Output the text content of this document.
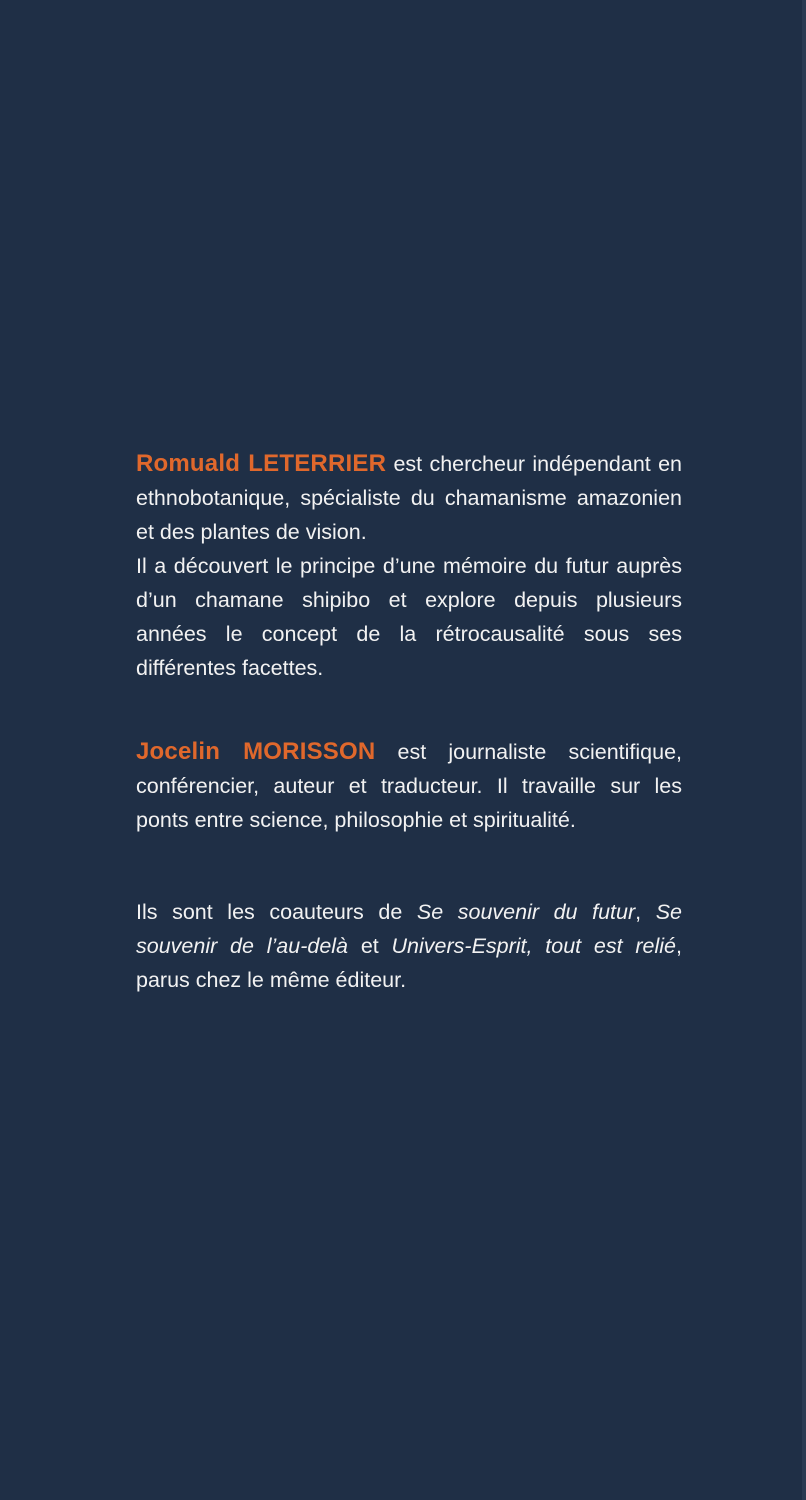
Romuald LETERRIER est chercheur indépendant en ethnobotanique, spécialiste du chamanisme amazonien et des plantes de vision.

Il a découvert le principe d’une mémoire du futur auprès d’un chamane shipibo et explore depuis plusieurs années le concept de la rétrocausalité sous ses différentes facettes.

Jocelin MORISSON est journaliste scientifique, conférencier, auteur et traducteur. Il travaille sur les ponts entre science, philosophie et spiritualité.

Ils sont les coauteurs de Se souvenir du futur, Se souvenir de l’au-delà et Univers-Esprit, tout est relié, parus chez le même éditeur.
